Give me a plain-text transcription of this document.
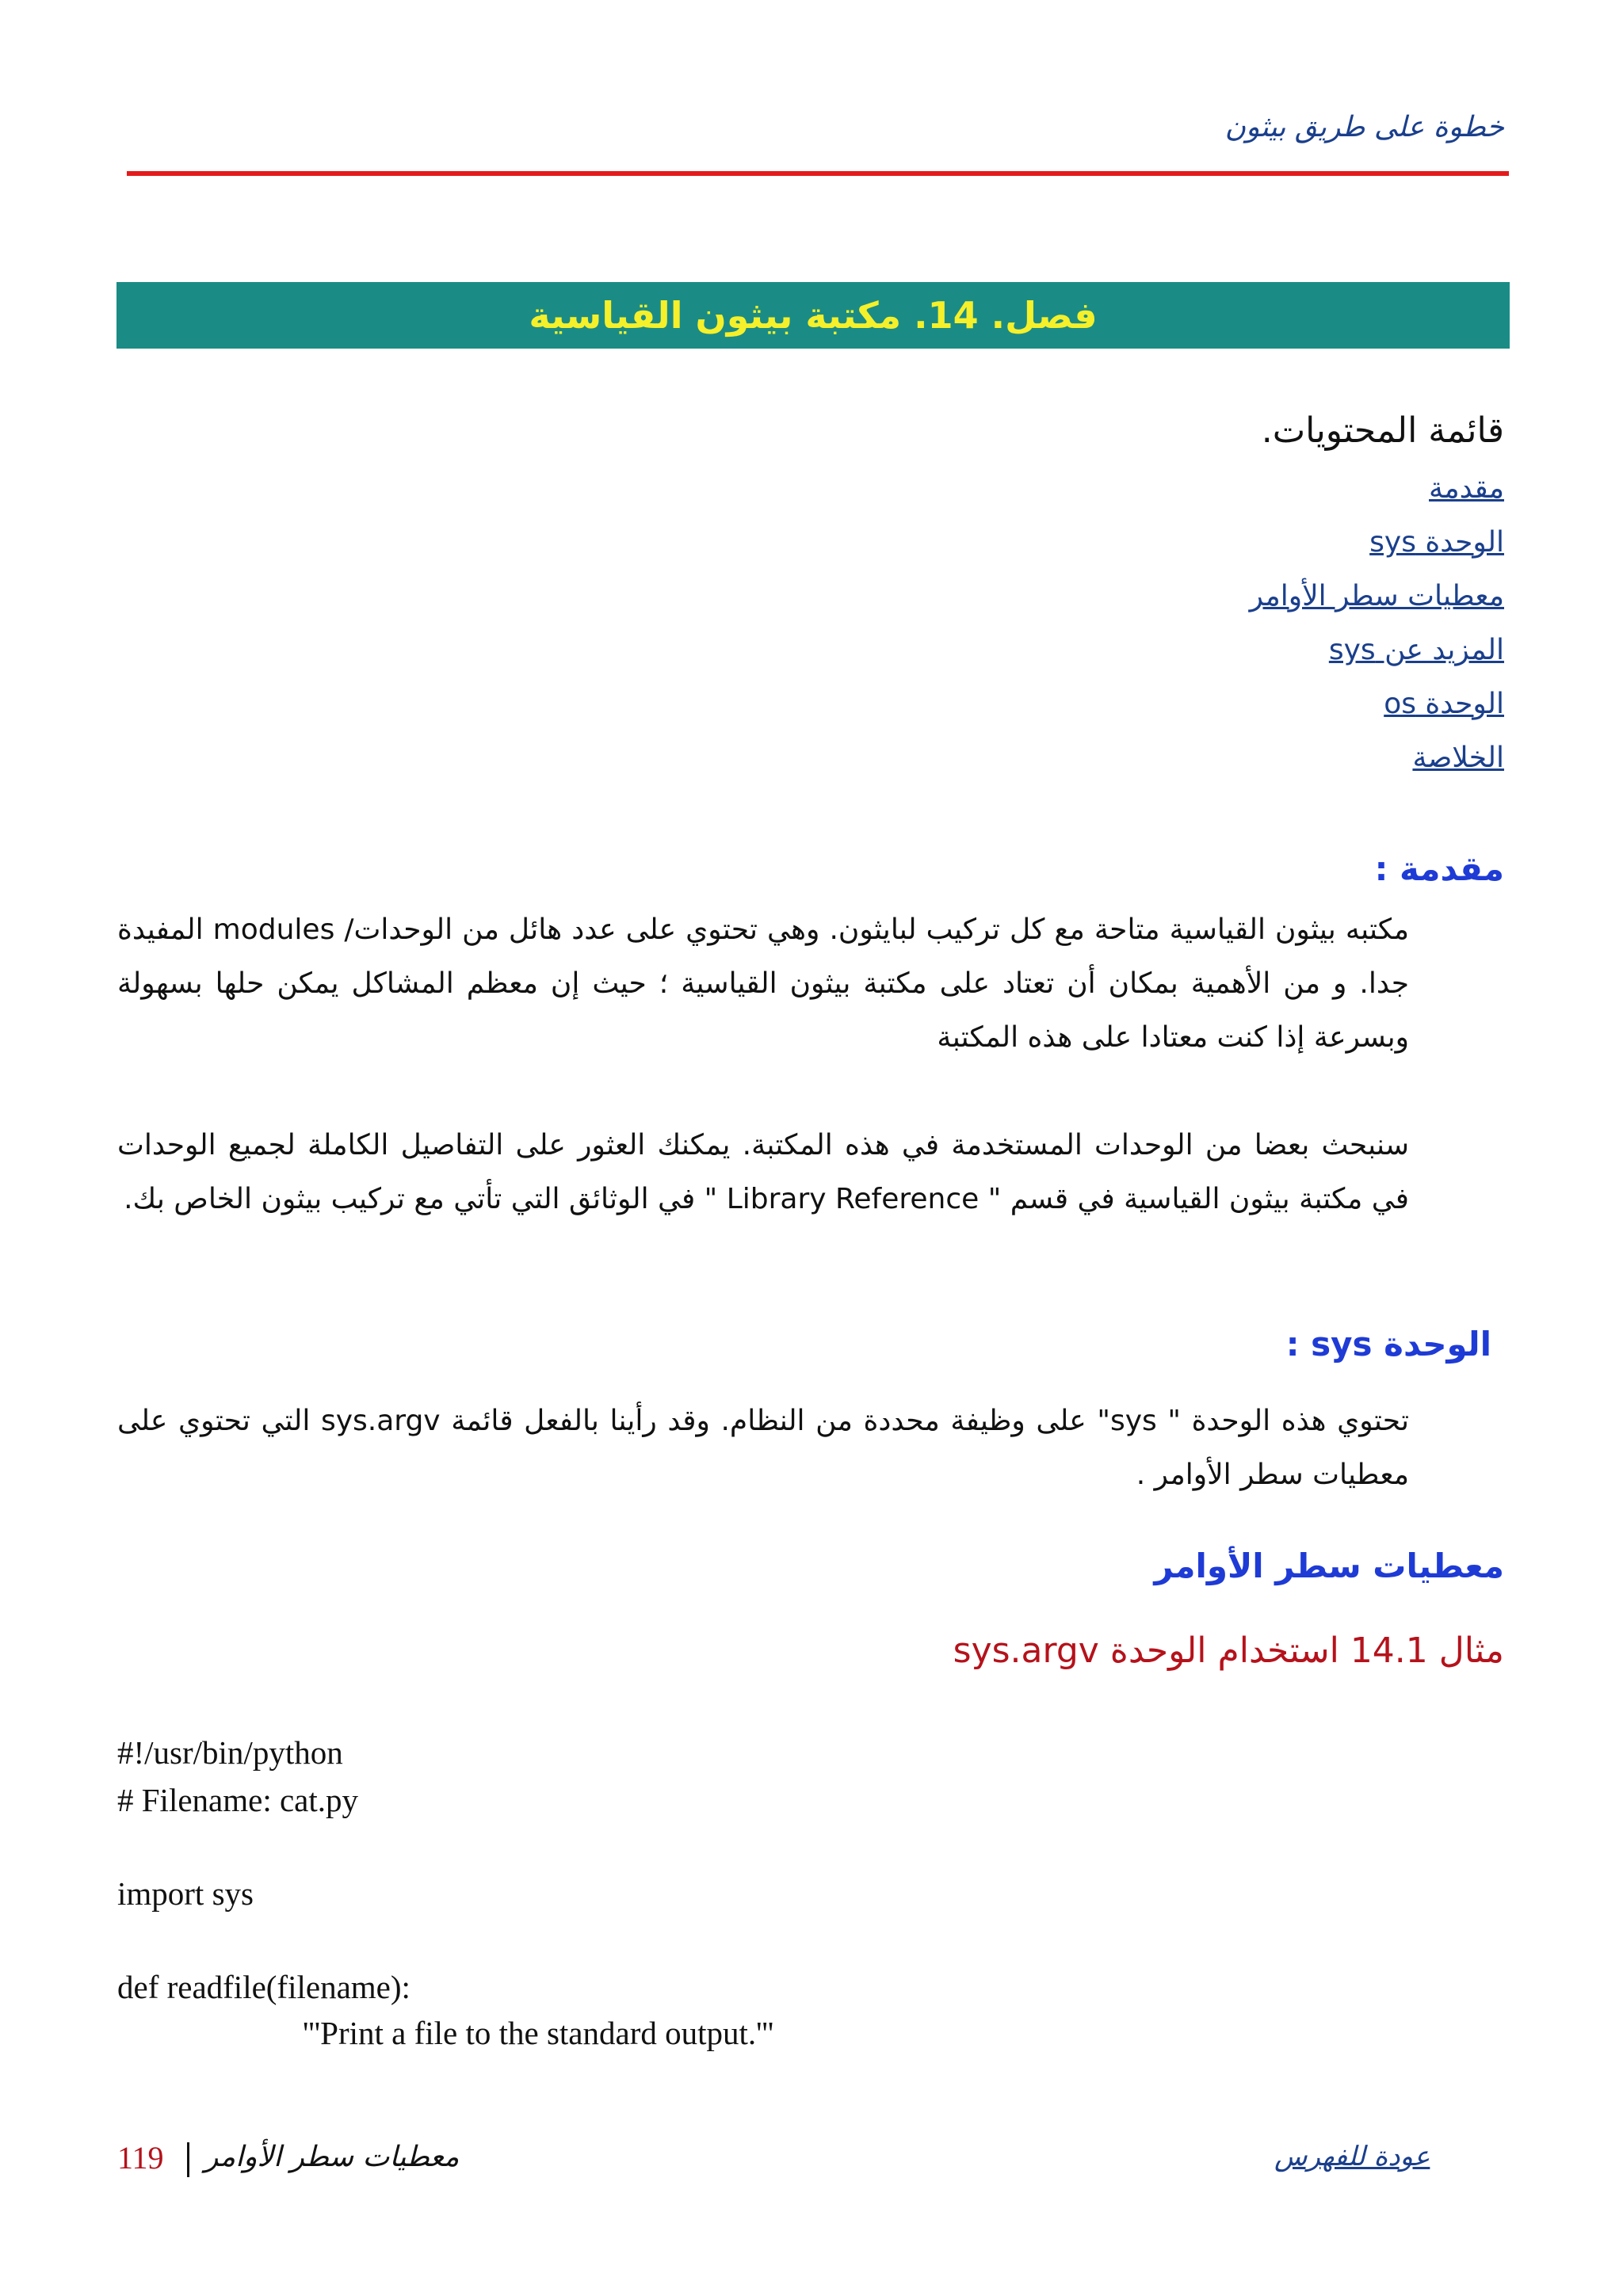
خطوة على طريق بيثون
فصل. 14. مكتبة بيثون القياسية
قائمة المحتويات.
مقدمة
الوحدة sys
معطيات سطر الأوامر
المزيد عن sys
الوحدة os
الخلاصة
مقدمة :
مكتبه بيثون القياسية متاحة مع كل تركيب لبايثون. وهي تحتوي على عدد هائل من الوحدات/ modules المفيدة جدا. و من الأهمية بمكان أن تعتاد على مكتبة بيثون القياسية ؛ حيث إن معظم المشاكل يمكن حلها بسهولة وبسرعة إذا كنت معتادا على هذه المكتبة
سنبحث بعضا من الوحدات المستخدمة في هذه المكتبة. يمكنك العثور على التفاصيل الكاملة لجميع الوحدات في مكتبة بيثون القياسية في قسم " Library Reference " في الوثائق التي تأتي مع تركيب بيثون الخاص بك.
الوحدة sys :
تحتوي هذه الوحدة " sys" على وظيفة محددة من النظام. وقد رأينا بالفعل قائمة sys.argv التي تحتوي على معطيات سطر الأوامر .
معطيات سطر الأوامر
مثال 14.1 استخدام الوحدة sys.argv
#!/usr/bin/python
# Filename: cat.py
import sys
def readfile(filename):
	'''Print a file to the standard output.'''
عودة للفهرس
معطيات سطر الأوامر
119
